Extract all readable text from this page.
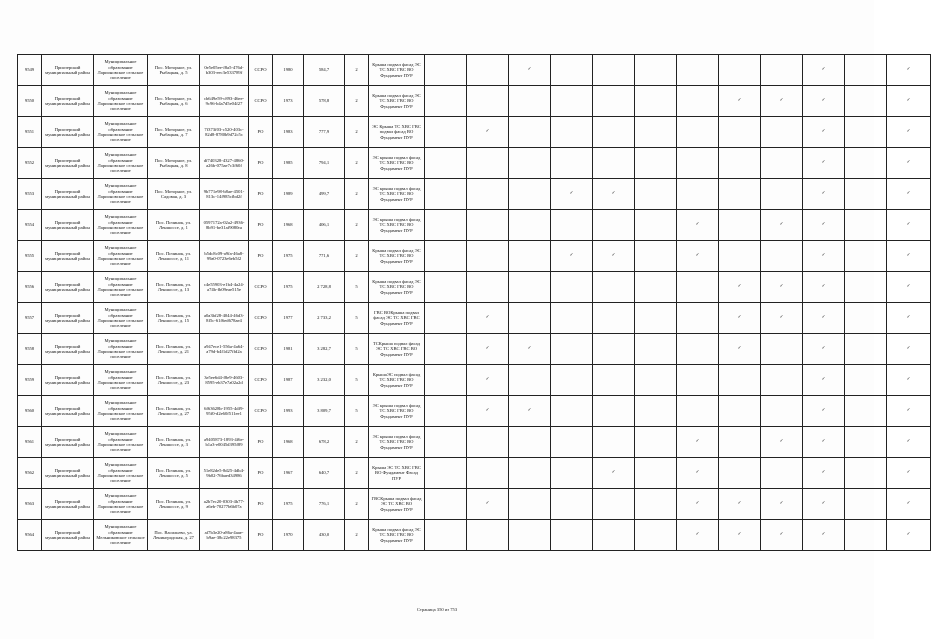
9549	Приозерский муниципальный район	Муниципальное образование Ларионовское сельское поселение	Пос. Моторное, ул. Рыбацкая, д. 5	0e5e05ee-f8a5-476d-b303-eec3e533789f	ССРО	1980	584,7	2	Крыша подвал фасад ЭС ТС ХВС ГВС ВО Фундамент ПУР			✓							✓		✓
9550	Приозерский муниципальный район	Муниципальное образование Ларионовское сельское поселение	Пос. Моторное, ул. Рыбацкая, д. 6	cb649e59-c893-46ee-9c96-b4a7d5e04f27	ССРО	1973	578,8	2	Крыша подвал фасад ЭС ТС ХВС ГВС ВО Фундамент ПУР								✓	✓	✓		✓
9551	Приозерский муниципальный район	Муниципальное образование Ларионовское сельское поселение	Пос. Моторное, ул. Рыбацкая, д. 7	7f373f03-c520-403c-82d8-8780b9d72c5c	РО	1983	777,9	2	ЭС Крыша ТС ХВС ГВС подвал фасад ВО Фундамент ПУР		✓								✓		✓
9552	Приозерский муниципальный район	Муниципальное образование Ларионовское сельское поселение	Пос. Моторное, ул. Рыбацкая, д. 8	df740328-4327-4860-a26b-075ae7c3f60f	РО	1985	794,1	2	ЭС крыша подвал фасад ТС ХВС ГВС ВО Фундамент ПУР										✓		✓
9553	Приозерский муниципальный район	Муниципальное образование Ларионовское сельское поселение	Пос. Моторное, ул. Садовая, д. 3	9b771e98-b8ae-4501-813c-14f985cfbd2f	РО	1989	499,7	2	ЭС крыша подвал фасад ТС ХВС ГВС ВО Фундамент ПУР				✓	✓					✓		✓
9554	Приозерский муниципальный район	Муниципальное образование Ларионовское сельское поселение	Пос. Починок, ул. Леншоссе, д. 1	0597172a-02a2-4936-8b91-be31af9080ra	РО	1968	406,1	2	ЭС крыша подвал фасад ТС ХВС ГВС ВО Фундамент ПУР							✓		✓	✓		✓
9555	Приозерский муниципальный район	Муниципальное образование Ларионовское сельское поселение	Пос. Починок, ул. Леншоссе, д. 11	b5dc8c09-a9fa-46a8-99a0-0723e6eb5f2	РО	1975	771,6	2	Крыша подвал фасад ЭС ТС ХВС ГВС ВО Фундамент ПУР				✓	✓		✓			✓		✓
9556	Приозерский муниципальный район	Муниципальное образование Ларионовское сельское поселение	Пос. Починок, ул. Леншоссе, д. 13	c4e55903-e1b4-4a24-a74b-fb09eae515e	ССРО	1975	2 728,8	5	Крыша подвал фасад ЭС ТС ХВС ГВС ВО Фундамент ПУР								✓	✓	✓		✓
9557	Приозерский муниципальный район	Муниципальное образование Ларионовское сельское поселение	Пос. Починок, ул. Леншоссе, д. 15	a0a3bf28-4044-46d3-8f5c-61f6ed678ae4	ССРО	1977	2 733,2	5	ГВС ВОКрыша подвал фасад ЭС ТС ХВС ГВС Фундамент ПУР		✓						✓	✓	✓		✓
9558	Приозерский муниципальный район	Муниципальное образование Ларионовское сельское поселение	Пос. Починок, ул. Леншоссе, д. 21	a947ece1-556a-4a64-a79d-b4f1d27ffd2a	ССРО	1981	3 282,7	5	ТСКрыша подвал фасад ЭС ТС ХВС ГВС ВО Фундамент ПУР		✓	✓					✓		✓		✓
9559	Приозерский муниципальный район	Муниципальное образование Ларионовское сельское поселение	Пос. Починок, ул. Леншоссе, д. 23	3e5ee6d4-f8e9-4603-8595-eb37e7a02a2d	ССРО	1987	3 232,0	5	КрышаЭС подвал фасад ТС ХВС ГВС ВО Фундамент ПУР		✓								✓		✓
9560	Приозерский муниципальный район	Муниципальное образование Ларионовское сельское поселение	Пос. Починок, ул. Леншоссе, д. 27	6f63628b-1955-4df9-95f0-d2e60f511ee1	ССРО	1993	3 809,7	5	ЭС крыша подвал фасад ТС ХВС ГВС ВО Фундамент ПУР		✓	✓							✓		✓
9561	Приозерский муниципальный район	Муниципальное образование Ларионовское сельское поселение	Пос. Починок, ул. Леншоссе, д. 3	a9405873-1893-4f6e-b1a3-e0045d395f89	РО	1968	678,2	2	ЭС крыша подвал фасад ТС ХВС ГВС ВО Фундамент ПУР							✓		✓	✓		✓
9562	Приозерский муниципальный район	Муниципальное образование Ларионовское сельское поселение	Пос. Починок, ул. Леншоссе, д. 5	51e82de5-8d25-4db4-9b02-76baed34986	РО	1967	640,7	2	Крыша ЭС ТС ХВС ГВС ВО Фундамент Фасад ПУР					✓		✓			✓		✓
9563	Приозерский муниципальный район	Муниципальное образование Ларионовское сельское поселение	Пос. Починок, ул. Леншоссе, д. 9	a2b7ec20-0303-4b77-a6eb-70277b6b07a	РО	1975	776,1	2	ГВСКрыша подвал фасад ЭС ТС ХВС ВО Фундамент ПУР		✓					✓	✓	✓	✓		✓
9564	Приозерский муниципальный район	Муниципальное образование Мельниковское сельское поселение	Пос. Васильево, ул. Ленинградская, д. 27	af7b3e20-a86a-4aae-b9ae-38c22e98375	РО	1970	430,0	2	Крыша подвал фасад ЭС ТС ХВС ГВС ВО Фундамент ПУР							✓	✓	✓	✓		✓
Страница 350 из 753
